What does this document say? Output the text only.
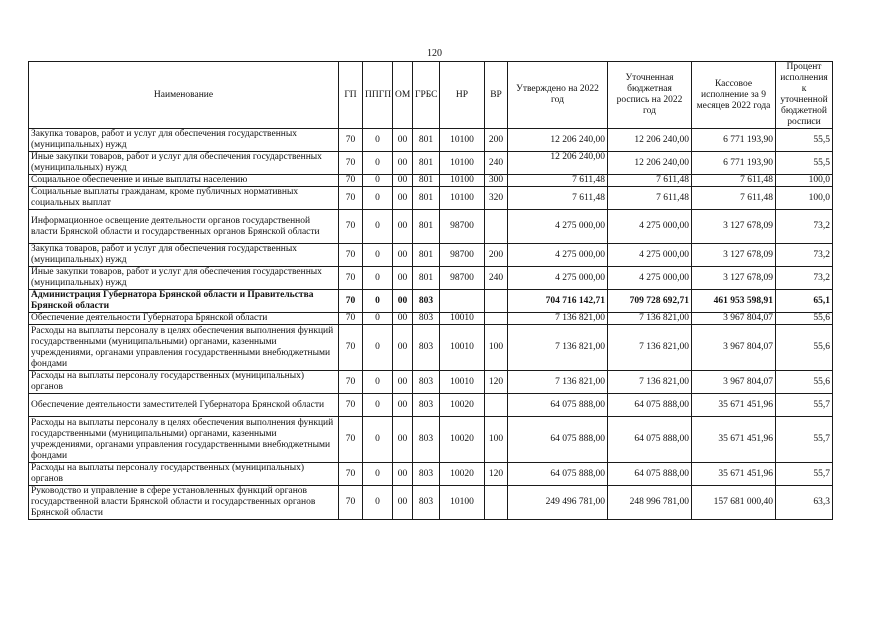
120
Наименование	ГП	ППГП	ОМ	ГРБС	НР	ВР	Утверждено на 2022 год	Уточненная бюджетная роспись на 2022 год	Кассовое исполнение за 9 месяцев 2022 года	Процент исполнения к уточненной бюджетной росписи
Закупка товаров, работ и услуг для обеспечения государственных (муниципальных) нужд	70	0	00	801	10100	200	12 206 240,00	12 206 240,00	6 771 193,90	55,5
Иные закупки товаров, работ и услуг для обеспечения государственных (муниципальных) нужд	70	0	00	801	10100	240	12 206 240,00	12 206 240,00	6 771 193,90	55,5
Социальное обеспечение и иные выплаты населению	70	0	00	801	10100	300	7 611,48	7 611,48	7 611,48	100,0
Социальные выплаты гражданам, кроме публичных нормативных социальных выплат	70	0	00	801	10100	320	7 611,48	7 611,48	7 611,48	100,0
Информационное освещение деятельности органов государственной власти Брянской области и государственных органов Брянской области	70	0	00	801	98700		4 275 000,00	4 275 000,00	3 127 678,09	73,2
Закупка товаров, работ и услуг для обеспечения государственных (муниципальных) нужд	70	0	00	801	98700	200	4 275 000,00	4 275 000,00	3 127 678,09	73,2
Иные закупки товаров, работ и услуг для обеспечения государственных (муниципальных) нужд	70	0	00	801	98700	240	4 275 000,00	4 275 000,00	3 127 678,09	73,2
Администрация Губернатора Брянской области и Правительства Брянской области	70	0	00	803			704 716 142,71	709 728 692,71	461 953 598,91	65,1
Обеспечение деятельности Губернатора Брянской области	70	0	00	803	10010		7 136 821,00	7 136 821,00	3 967 804,07	55,6
Расходы на выплаты персоналу в целях обеспечения выполнения функций государственными (муниципальными) органами, казенными учреждениями, органами управления государственными внебюджетными фондами	70	0	00	803	10010	100	7 136 821,00	7 136 821,00	3 967 804,07	55,6
Расходы на выплаты персоналу государственных (муниципальных) органов	70	0	00	803	10010	120	7 136 821,00	7 136 821,00	3 967 804,07	55,6
Обеспечение деятельности заместителей Губернатора Брянской области	70	0	00	803	10020		64 075 888,00	64 075 888,00	35 671 451,96	55,7
Расходы на выплаты персоналу в целях обеспечения выполнения функций государственными (муниципальными) органами, казенными учреждениями, органами управления государственными внебюджетными фондами	70	0	00	803	10020	100	64 075 888,00	64 075 888,00	35 671 451,96	55,7
Расходы на выплаты персоналу государственных (муниципальных) органов	70	0	00	803	10020	120	64 075 888,00	64 075 888,00	35 671 451,96	55,7
Руководство и управление в сфере установленных функций органов государственной власти Брянской области и государственных органов Брянской области	70	0	00	803	10100		249 496 781,00	248 996 781,00	157 681 000,40	63,3
